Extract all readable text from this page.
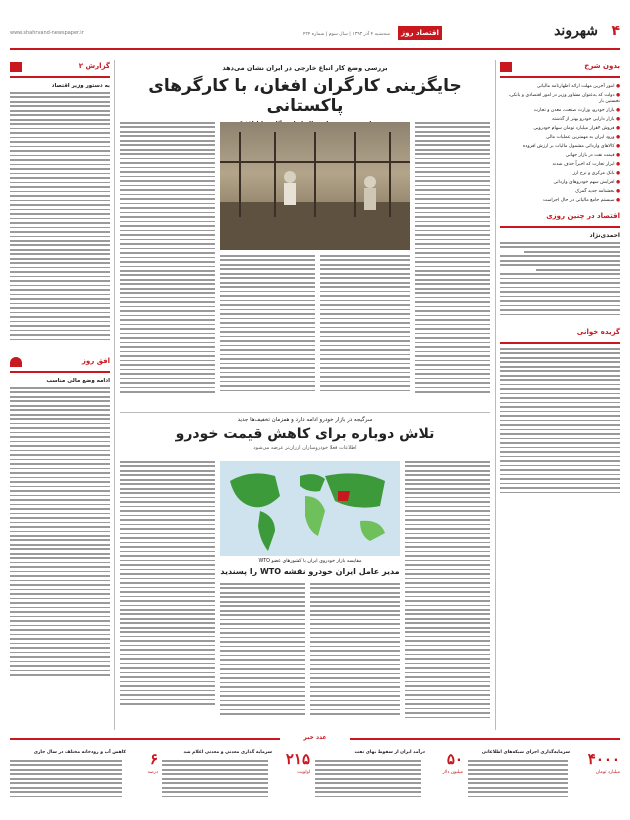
www.shahrvand-newspaper.ir	سه‌شنبه ۴ آذر ۱۳۹۳ | سال سوم | شماره ۴۲۴	اقتصاد روز	شهروند ۴
بدون شرح
● امور آخرین مهلت ارائه اظهارنامه مالیاتی
● دولت که به‌عنوان مشاور وزیر در امور اقتصادی و بانکی، نخستین بار
● بازار خودرو، وزارت صنعت، معدن و تجارت
● بازار دارایی خودرو بهتر از گذشته
● فروش ۴هزار میلیارد تومان سهام خودرویی
● ورود ایران به مهمترین عملیات مالی
● کالاهای وارداتی مشمول مالیات بر ارزش افزوده
● قیمت نفت در بازار جهانی
● ابزار تجارت که اخیراً حذف شدند
● بانک مرکزی و نرخ ارز
● افزایش سهم خودروهای وارداتی
● بخشنامه جدید گمرک
● سیستم جامع مالیاتی در حال اجراست
اقتصاد در چنین روزی
احمدی‌نژاد
گزیده خوانی
گزارش ۲
به دستور وزیر اقتصاد
افق روز
ادامه وضع مالی مناسب
بررسی وضع کار اتباع خارجی در ایران نشان می‌دهد
جایگزینی کارگران افغان، با کارگرهای پاکستانی
سرگیجه در بازار خودرو ادامه دارد و همزمان تخفیف‌ها جدید
تلاش دوباره برای کاهش قیمت خودرو
اطلاعات فعلا خودروسازان ارزان‌تر عرضه می‌شود
مقایسه بازار خودروی ایران با کشورهای عضو WTO
مدیر عامل ایران خودرو نقشه WTO را پسندید
عدد خبر
۴۰۰۰
میلیارد تومان
سرمایه‌گذاری اجرای شبکه‌های اطلاعاتی
۵۰
میلیون دلار
درآمد ایران از سقوط بهای نفت
۲۱۵
اولویت
سرمایه گذاری معدنی و معدنی اعلام شد
۶
درصد
کاهش آب و رودخانه مختلف در سال جاری
